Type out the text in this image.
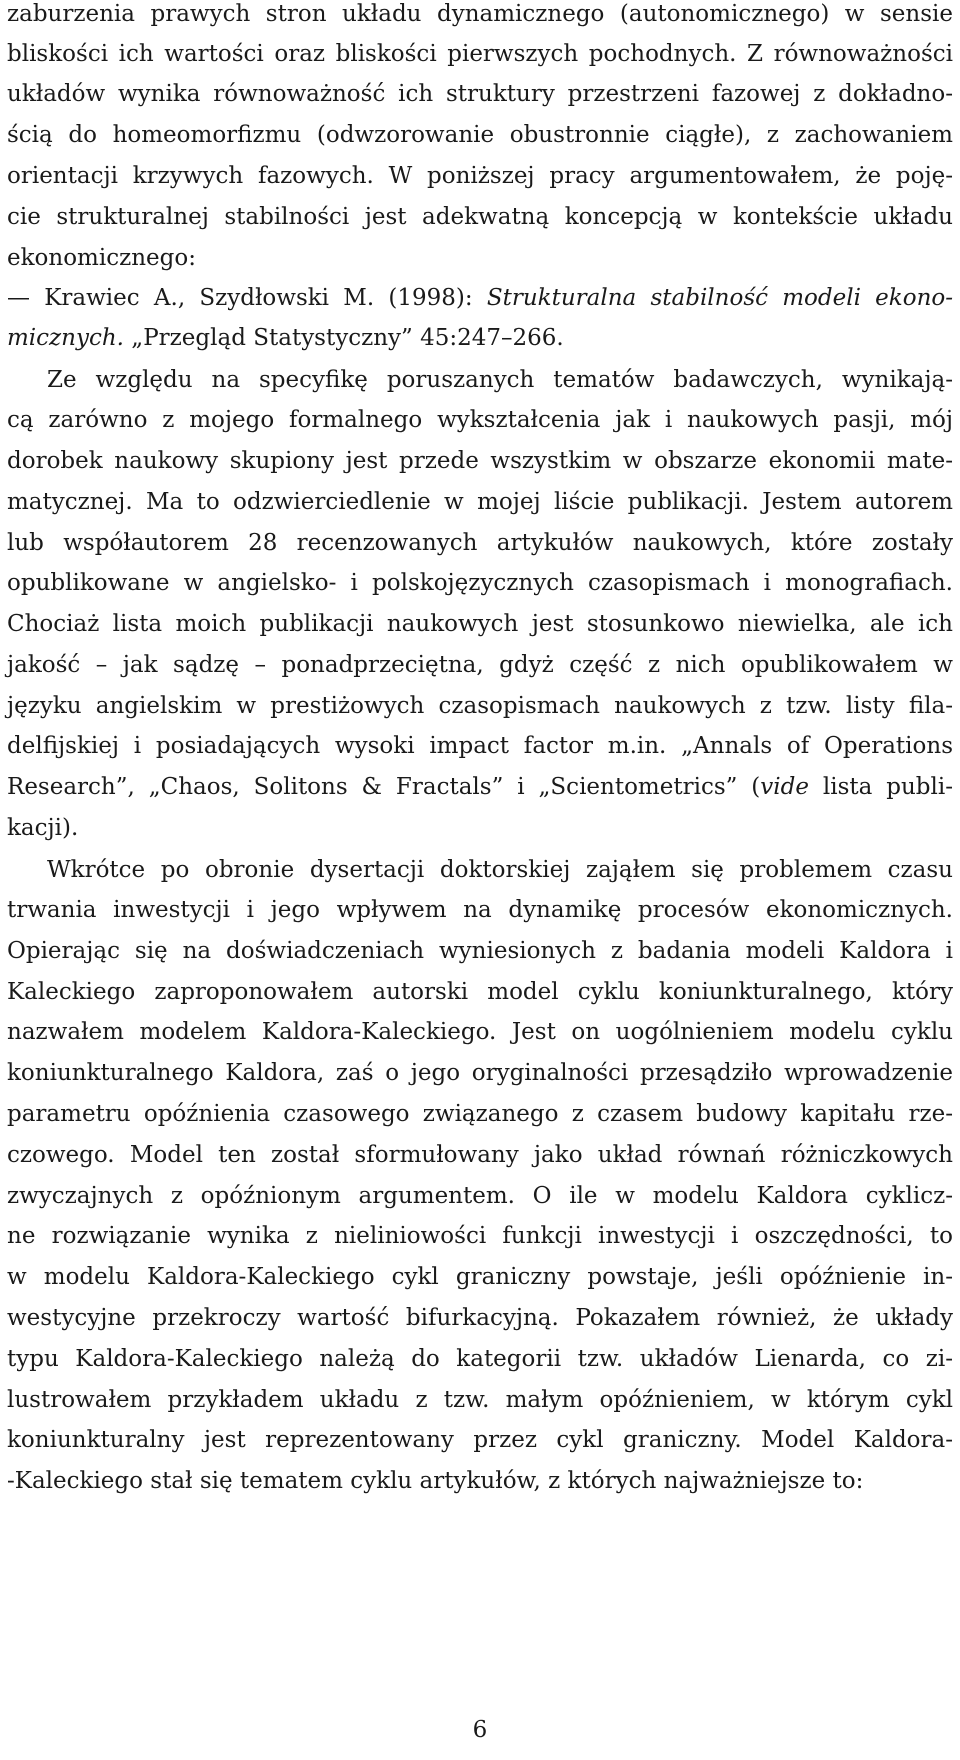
zaburzenia prawych stron układu dynamicznego (autonomicznego) w sensie
bliskości ich wartości oraz bliskości pierwszych pochodnych. Z równoważności
układów wynika równoważność ich struktury przestrzeni fazowej z dokładno-
ścią do homeomorfizmu (odwzorowanie obustronnie ciągłe), z zachowaniem
orientacji krzywych fazowych. W poniższej pracy argumentowałem, że poję-
cie strukturalnej stabilności jest adekwatną koncepcją w kontekście układu
ekonomicznego:
— Krawiec A., Szydłowski M. (1998): Strukturalna stabilność modeli ekono-
micznych. „Przegląd Statystyczny” 45:247–266.
Ze względu na specyfikę poruszanych tematów badawczych, wynikają-
cą zarówno z mojego formalnego wykształcenia jak i naukowych pasji, mój
dorobek naukowy skupiony jest przede wszystkim w obszarze ekonomii mate-
matycznej. Ma to odzwierciedlenie w mojej liście publikacji. Jestem autorem
lub współautorem 28 recenzowanych artykułów naukowych, które zostały
opublikowane w angielsko- i polskojęzycznych czasopismach i monografiach.
Chociaż lista moich publikacji naukowych jest stosunkowo niewielka, ale ich
jakość – jak sądzę – ponadprzeciętna, gdyż część z nich opublikowałem w
języku angielskim w prestiżowych czasopismach naukowych z tzw. listy fila-
delfijskiej i posiadających wysoki impact factor m.in. „Annals of Operations
Research”, „Chaos, Solitons & Fractals” i „Scientometrics” (vide lista publi-
kacji).
Wkrótce po obronie dysertacji doktorskiej zająłem się problemem czasu
trwania inwestycji i jego wpływem na dynamikę procesów ekonomicznych.
Opierając się na doświadczeniach wyniesionych z badania modeli Kaldora i
Kaleckiego zaproponowałem autorski model cyklu koniunkturalnego, który
nazwałem modelem Kaldora-Kaleckiego. Jest on uogólnieniem modelu cyklu
koniunkturalnego Kaldora, zaś o jego oryginalności przesądziło wprowadzenie
parametru opóźnienia czasowego związanego z czasem budowy kapitału rze-
czowego. Model ten został sformułowany jako układ równań różniczkowych
zwyczajnych z opóźnionym argumentem. O ile w modelu Kaldora cyklicz-
ne rozwiązanie wynika z nieliniowości funkcji inwestycji i oszczędności, to
w modelu Kaldora-Kaleckiego cykl graniczny powstaje, jeśli opóźnienie in-
westycyjne przekroczy wartość bifurkacyjną. Pokazałem również, że układy
typu Kaldora-Kaleckiego należą do kategorii tzw. układów Lienarda, co zi-
lustrowałem przykładem układu z tzw. małym opóźnieniem, w którym cykl
koniunkturalny jest reprezentowany przez cykl graniczny. Model Kaldora-
-Kaleckiego stał się tematem cyklu artykułów, z których najważniejsze to:
6
